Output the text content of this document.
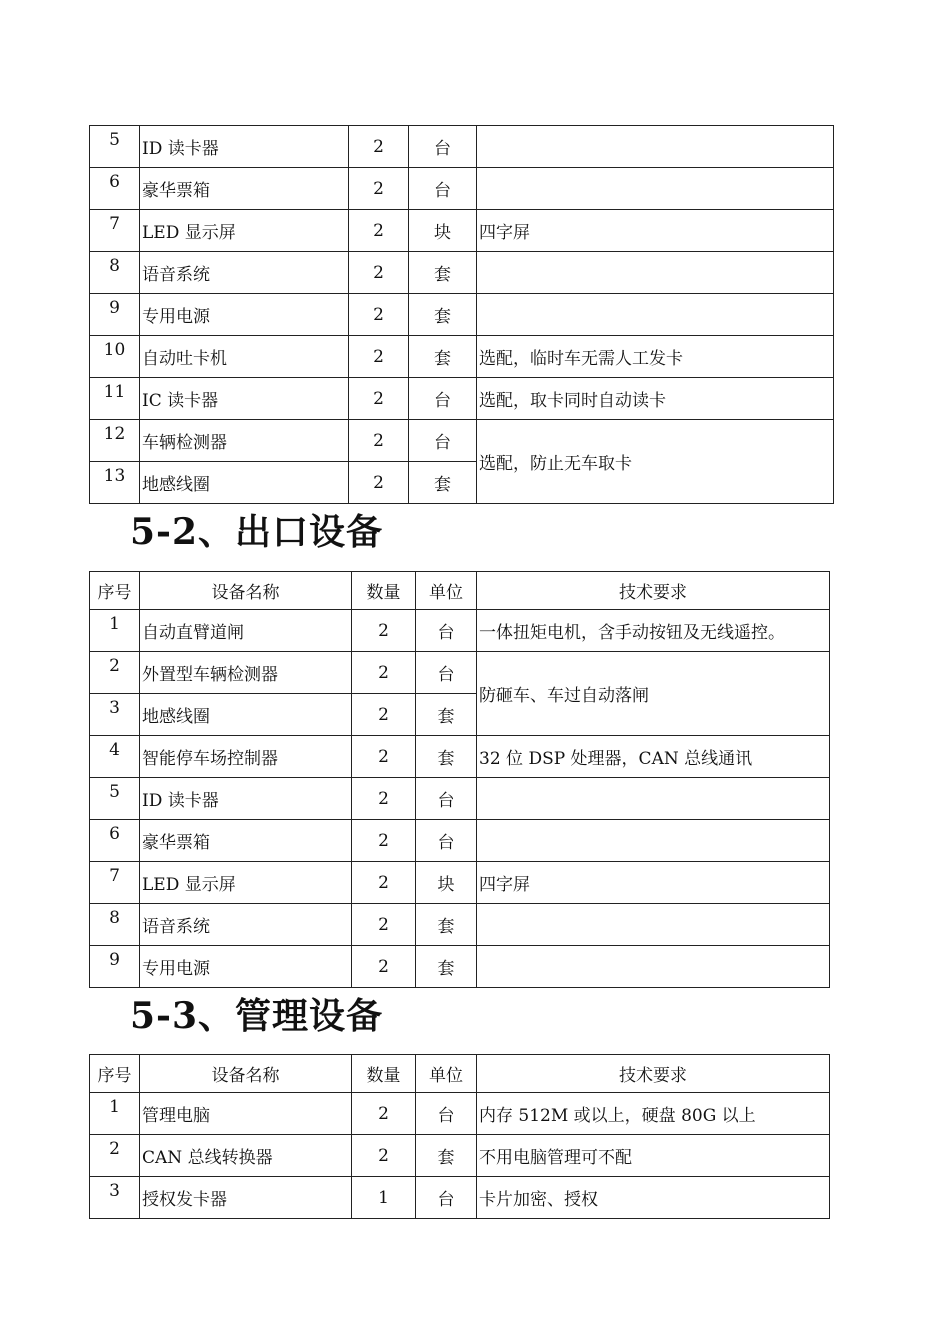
5	ID 读卡器	2	台	
6	豪华票箱	2	台	
7	LED 显示屏	2	块	四字屏
8	语音系统	2	套	
9	专用电源	2	套	
10	自动吐卡机	2	套	选配，临时车无需人工发卡
11	IC 读卡器	2	台	选配，取卡同时自动读卡
12	车辆检测器	2	台	选配，防止无车取卡
13	地感线圈	2	套	
5-2、出口设备
序号	设备名称	数量	单位	技术要求
1	自动直臂道闸	2	台	一体扭矩电机，含手动按钮及无线遥控。
2	外置型车辆检测器	2	台	防砸车、车过自动落闸
3	地感线圈	2	套	
4	智能停车场控制器	2	套	32 位 DSP 处理器，CAN 总线通讯
5	ID 读卡器	2	台	
6	豪华票箱	2	台	
7	LED 显示屏	2	块	四字屏
8	语音系统	2	套	
9	专用电源	2	套	
5-3、管理设备
序号	设备名称	数量	单位	技术要求
1	管理电脑	2	台	内存 512M 或以上，硬盘 80G 以上
2	CAN 总线转换器	2	套	不用电脑管理可不配
3	授权发卡器	1	台	卡片加密、授权
